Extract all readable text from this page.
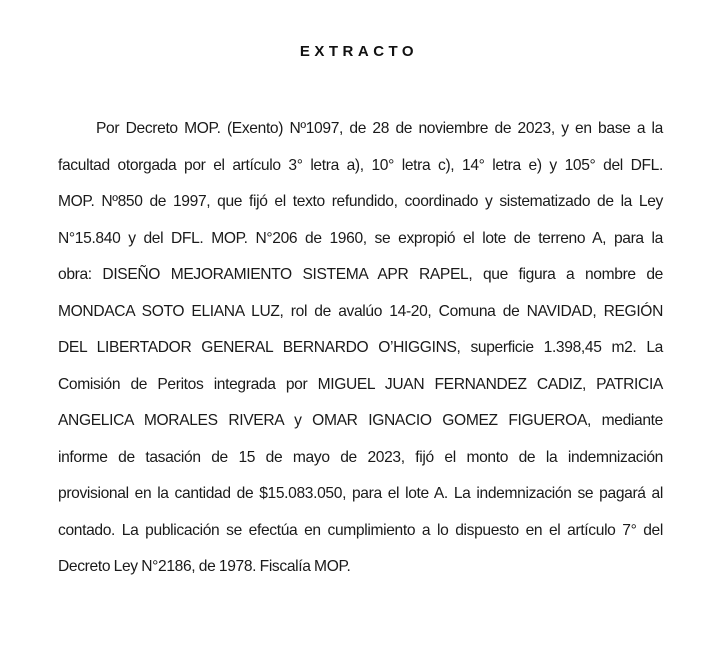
EXTRACTO
Por Decreto MOP. (Exento) Nº1097, de 28 de noviembre de 2023, y en base a la
facultad otorgada por el artículo 3° letra a), 10° letra c), 14° letra e) y 105° del DFL.
MOP. Nº850 de 1997, que fijó el texto refundido, coordinado y sistematizado de la Ley
N°15.840 y del DFL. MOP. N°206 de 1960, se expropió el lote de terreno A, para la
obra: DISEÑO MEJORAMIENTO SISTEMA APR RAPEL, que figura a nombre de
MONDACA SOTO ELIANA LUZ, rol de avalúo 14-20, Comuna de NAVIDAD, REGIÓN
DEL LIBERTADOR GENERAL BERNARDO O’HIGGINS, superficie 1.398,45 m2. La
Comisión de Peritos integrada por MIGUEL JUAN FERNANDEZ CADIZ, PATRICIA
ANGELICA MORALES RIVERA y OMAR IGNACIO GOMEZ FIGUEROA, mediante
informe de tasación de 15 de mayo de 2023, fijó el monto de la indemnización
provisional en la cantidad de $15.083.050, para el lote A. La indemnización se pagará al
contado. La publicación se efectúa en cumplimiento a lo dispuesto en el artículo 7° del
Decreto Ley N°2186, de 1978. Fiscalía MOP.
